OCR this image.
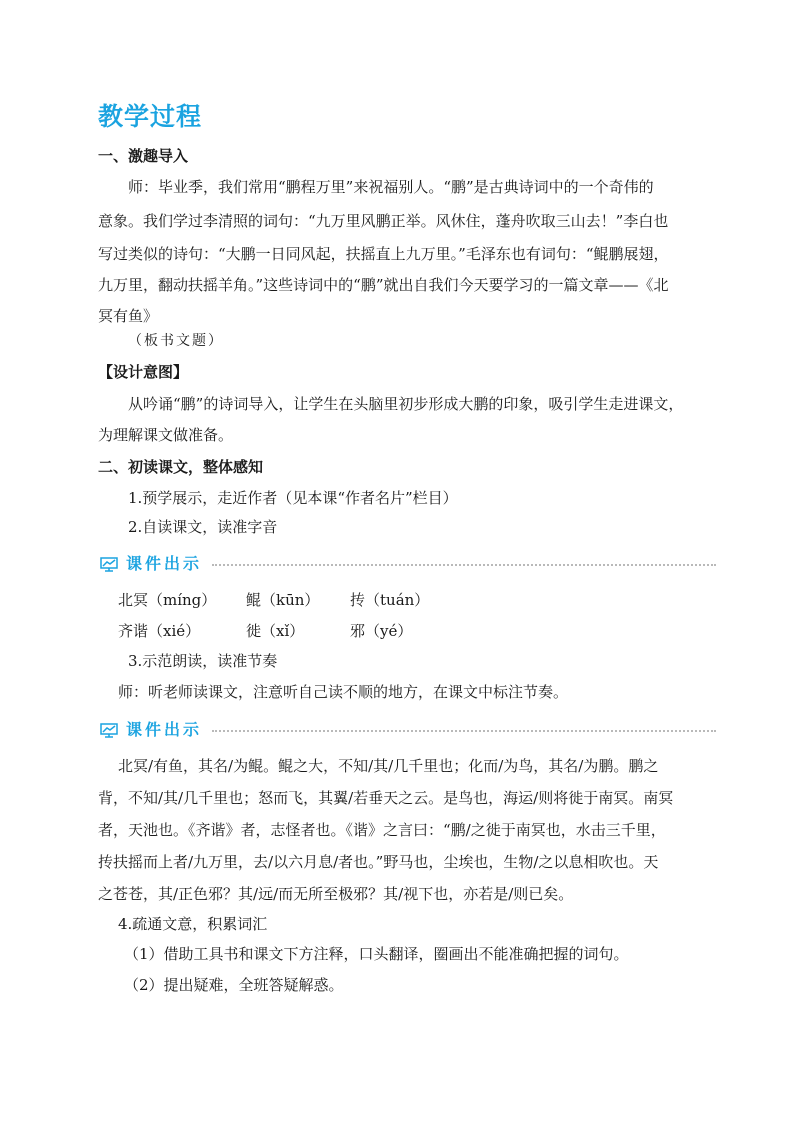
教学过程
一、激趣导入
师：毕业季，我们常用“鹏程万里”来祝福别人。“鹏”是古典诗词中的一个奇伟的
意象。我们学过李清照的词句：“九万里风鹏正举。风休住，蓬舟吹取三山去！”李白也
写过类似的诗句：“大鹏一日同风起，扶摇直上九万里。”毛泽东也有词句：“鲲鹏展翅，
九万里，翻动扶摇羊角。”这些诗词中的“鹏”就出自我们今天要学习的一篇文章——《北
冥有鱼》
（板书文题）
【设计意图】
从吟诵“鹏”的诗词导入，让学生在头脑里初步形成大鹏的印象，吸引学生走进课文，
为理解课文做准备。
二、初读课文，整体感知
1.预学展示，走近作者（见本课“作者名片”栏目）
2.自读课文，读准字音
课件出示
北冥（míng） 鲲（kūn） 抟（tuán）
齐谐（xié）	徙（xǐ）	邪（yé）
3.示范朗读，读准节奏
师：听老师读课文，注意听自己读不顺的地方，在课文中标注节奏。
课件出示
北冥/有鱼，其名/为鲲。鲲之大，不知/其/几千里也；化而/为鸟，其名/为鹏。鹏之
背，不知/其/几千里也；怒而飞，其翼/若垂天之云。是鸟也，海运/则将徙于南冥。南冥
者，天池也。《齐谐》者，志怪者也。《谐》之言曰：“鹏/之徙于南冥也，水击三千里，
抟扶摇而上者/九万里，去/以六月息/者也。”野马也，尘埃也，生物/之以息相吹也。天
之苍苍，其/正色邪？其/远/而无所至极邪？其/视下也，亦若是/则已矣。
4.疏通文意，积累词汇
（1）借助工具书和课文下方注释，口头翻译，圈画出不能准确把握的词句。
（2）提出疑难，全班答疑解惑。
